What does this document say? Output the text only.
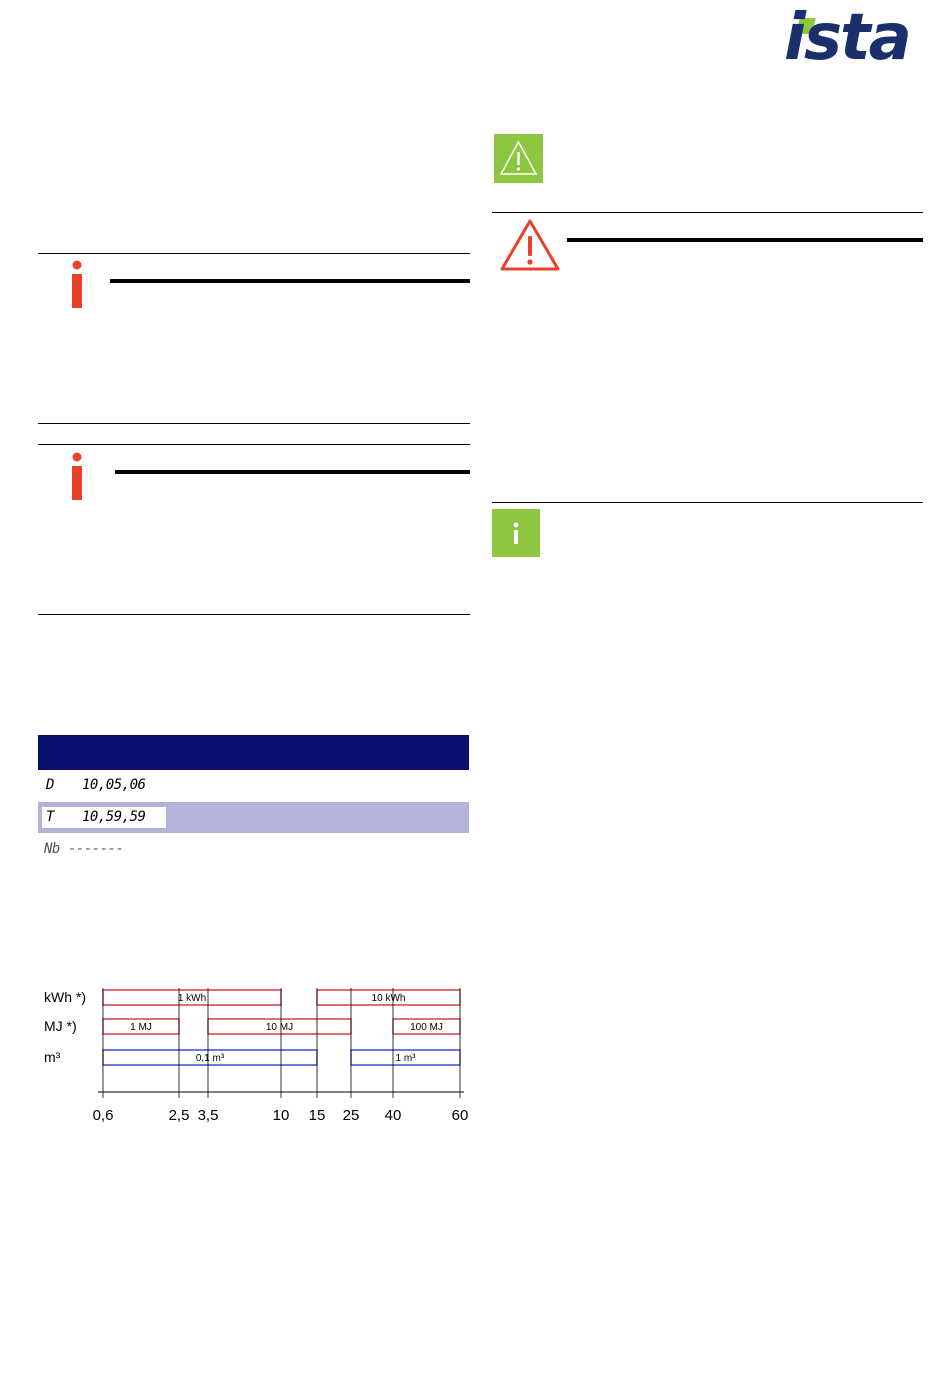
ista
D 10,05,06
T 10,59,59
Nb -------
kWh *)	1 kWh	10 kWh
MJ *)	1 MJ	10 MJ	100 MJ
m³	0,1 m³	1 m³
0,6	2,5 3,5	10 15 25 40	60
